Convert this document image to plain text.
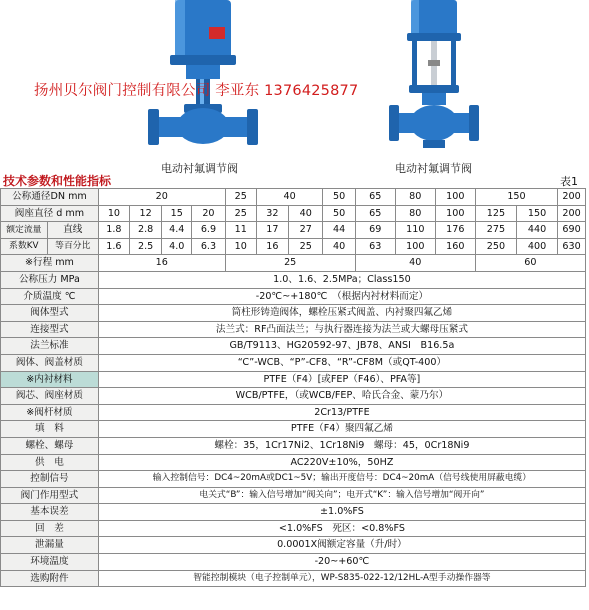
扬州贝尔阀门控制有限公司 李亚东 13764258​77
电动衬氟调节阀	电动衬氟调节阀
技术参数和性能指标	表1
公称通径DN mm		20				25	40		50	65	80	100	150		200
阀座直径 d mm		10	12	15	20	25	32	40	50	65	80	100	125	150	200
额定流量	直线	1.8	2.8	4.4	6.9	11	17	27	44	69	110	176	275	440	690
系数KV	等百分比	1.6	2.5	4.0	6.3	10	16	25	40	63	100	160	250	400	630
※行程 mm		16				25				40			60		
公称压力 MPa		1.0、1.6、2.5MPa；Class150													
介质温度 ℃		-20℃~+180℃　（根据内衬材料而定）													
阀体型式		筒柱形铸造阀体，螺栓压紧式阀盖、内衬聚四氟乙烯													
连接型式		法兰式：RF凸面法兰；与执行器连接为法兰或大螺母压紧式													
法兰标准		GB/T9113、HG20592-97、JB78、ANSI　B16.5a													
阀体、阀盖材质		“C”-WCB、“P”-CF8、“R”-CF8M（或QT-400）													
※内衬材料		PTFE（F4）[或FEP（F46）、PFA等]													
阀芯、阀座材质		WCB/PTFE，（或WCB/FEP、哈氏合金、蒙乃尔）													
※阀杆材质		2Cr13/PTFE													
填　料		PTFE（F4）聚四氟乙烯													
螺栓、螺母		螺栓：35，1Cr17Ni2、1Cr18Ni9　螺母：45，0Cr18Ni9													
供　电		AC220V±10%，50HZ													
控制信号		输入控制信号：DC4~20mA或DC1~5V；输出开度信号：DC4~20mA（信号线使用屏蔽电缆）													
阀门作用型式		电关式“B”：输入信号增加“阀关向”；电开式“K”：输入信号增加“阀开向”													
基本误差		±1.0%FS													
回　差		<1.0%FS　死区：<0.8%FS													
泄漏量		0.0001X阀额定容量（升/时）													
环境温度		-20~+60℃													
选购附件		智能控制模块（电子控制单元），WP-S835-022-12/12HL-A型手动操作器等													
